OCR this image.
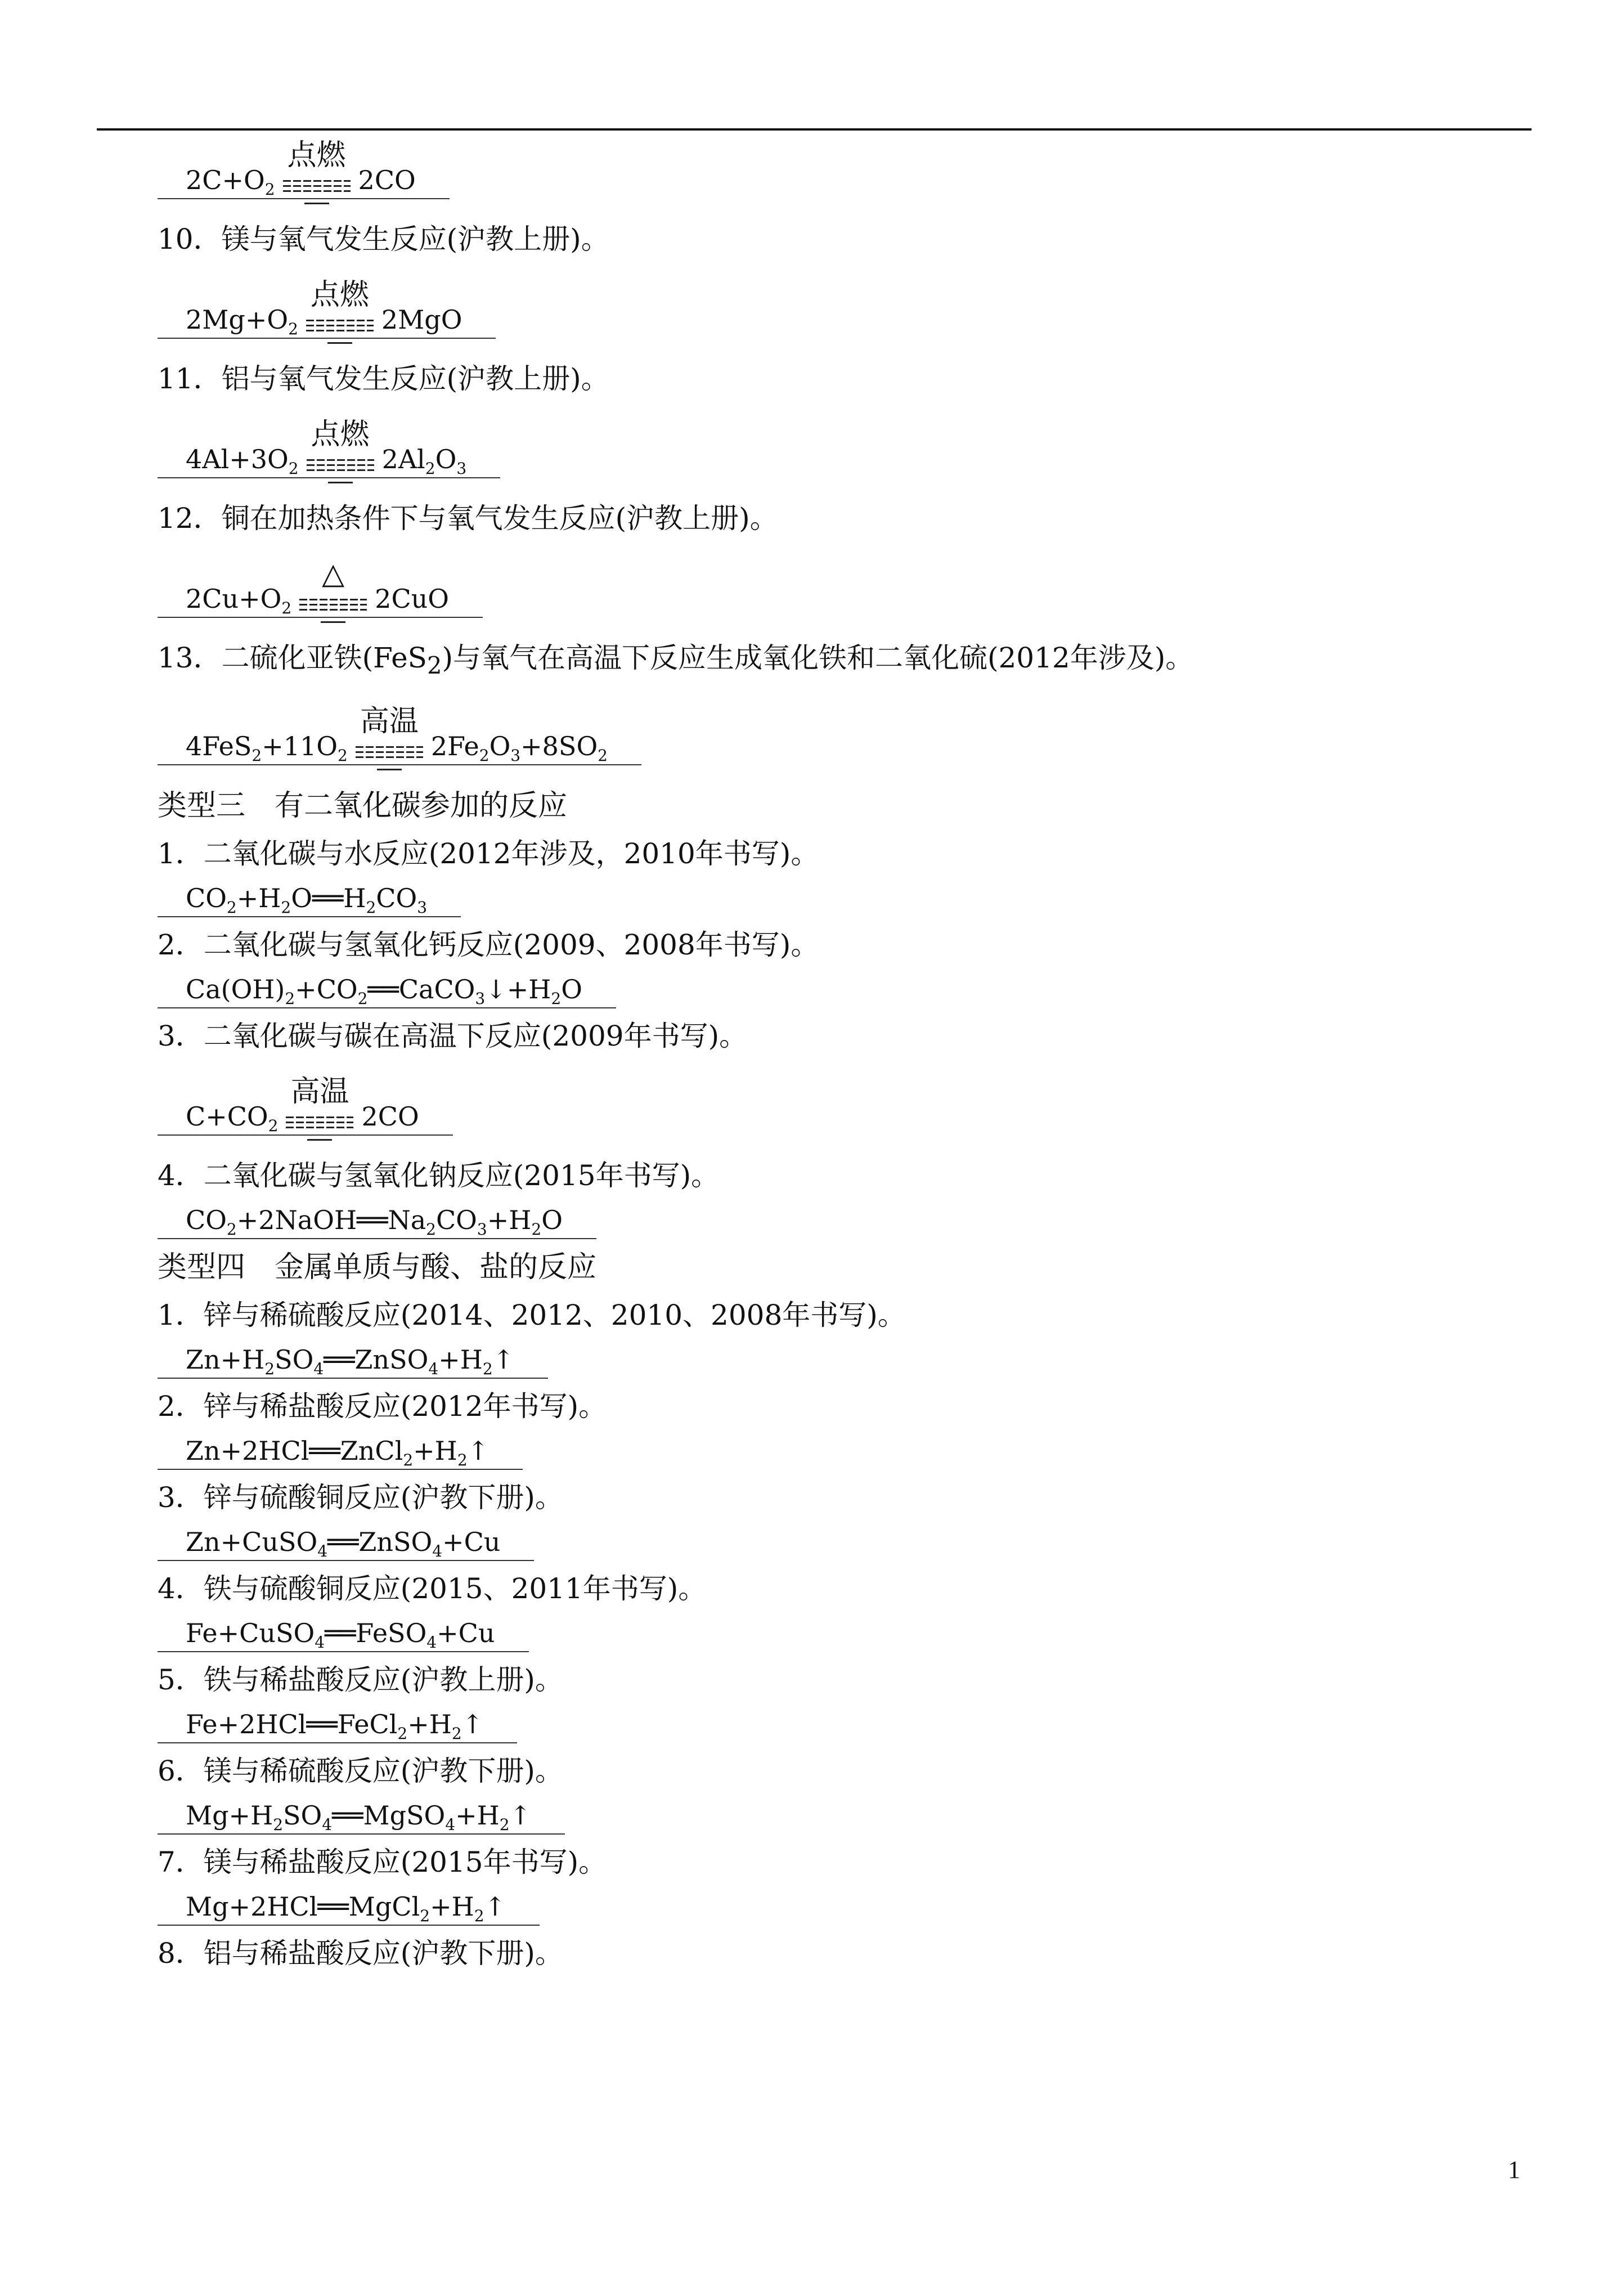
$2C+O_2$
点燃
2CO
10．镁与氧气发生反应(沪教上册)。
$2Mg+O_2$
点燃
2MgO
11．铝与氧气发生反应(沪教上册)。
$4Al+3O_2$
点燃
$2Al_2O_3$
12．铜在加热条件下与氧气发生反应(沪教上册)。
$2Cu+O_2$
△
2CuO
13．二硫化亚铁(FeS$_2$)与氧气在高温下反应生成氧化铁和二氧化硫(2012年涉及)。
$4FeS_2+11O_2$
高温
$2Fe_2O_3+8SO_2$
类型三　有二氧化碳参加的反应
1．二氧化碳与水反应(2012年涉及，2010年书写)。
$CO_2+H_2O══H_2CO_3$
2．二氧化碳与氢氧化钙反应(2009、2008年书写)。
$Ca(OH)_2+CO_2══CaCO_3↓+H_2O$
3．二氧化碳与碳在高温下反应(2009年书写)。
$C+CO_2$
高温
2CO
4．二氧化碳与氢氧化钠反应(2015年书写)。
$CO_2+2NaOH══Na_2CO_3+H_2O$
类型四　金属单质与酸、盐的反应
1．锌与稀硫酸反应(2014、2012、2010、2008年书写)。
$Zn+H_2SO_4══ZnSO_4+H_2↑$
2．锌与稀盐酸反应(2012年书写)。
$Zn+2HCl══ZnCl_2+H_2↑$
3．锌与硫酸铜反应(沪教下册)。
Zn+CuSO$_4$══ZnSO$_4$+Cu
4．铁与硫酸铜反应(2015、2011年书写)。
Fe+CuSO$_4$══FeSO$_4$+Cu
5．铁与稀盐酸反应(沪教上册)。
$Fe+2HCl══FeCl_2+H_2↑$
6．镁与稀硫酸反应(沪教下册)。
$Mg+H_2SO_4══MgSO_4+H_2↑$
7．镁与稀盐酸反应(2015年书写)。
$Mg+2HCl══MgCl_2+H_2↑$
8．铝与稀盐酸反应(沪教下册)。
1
